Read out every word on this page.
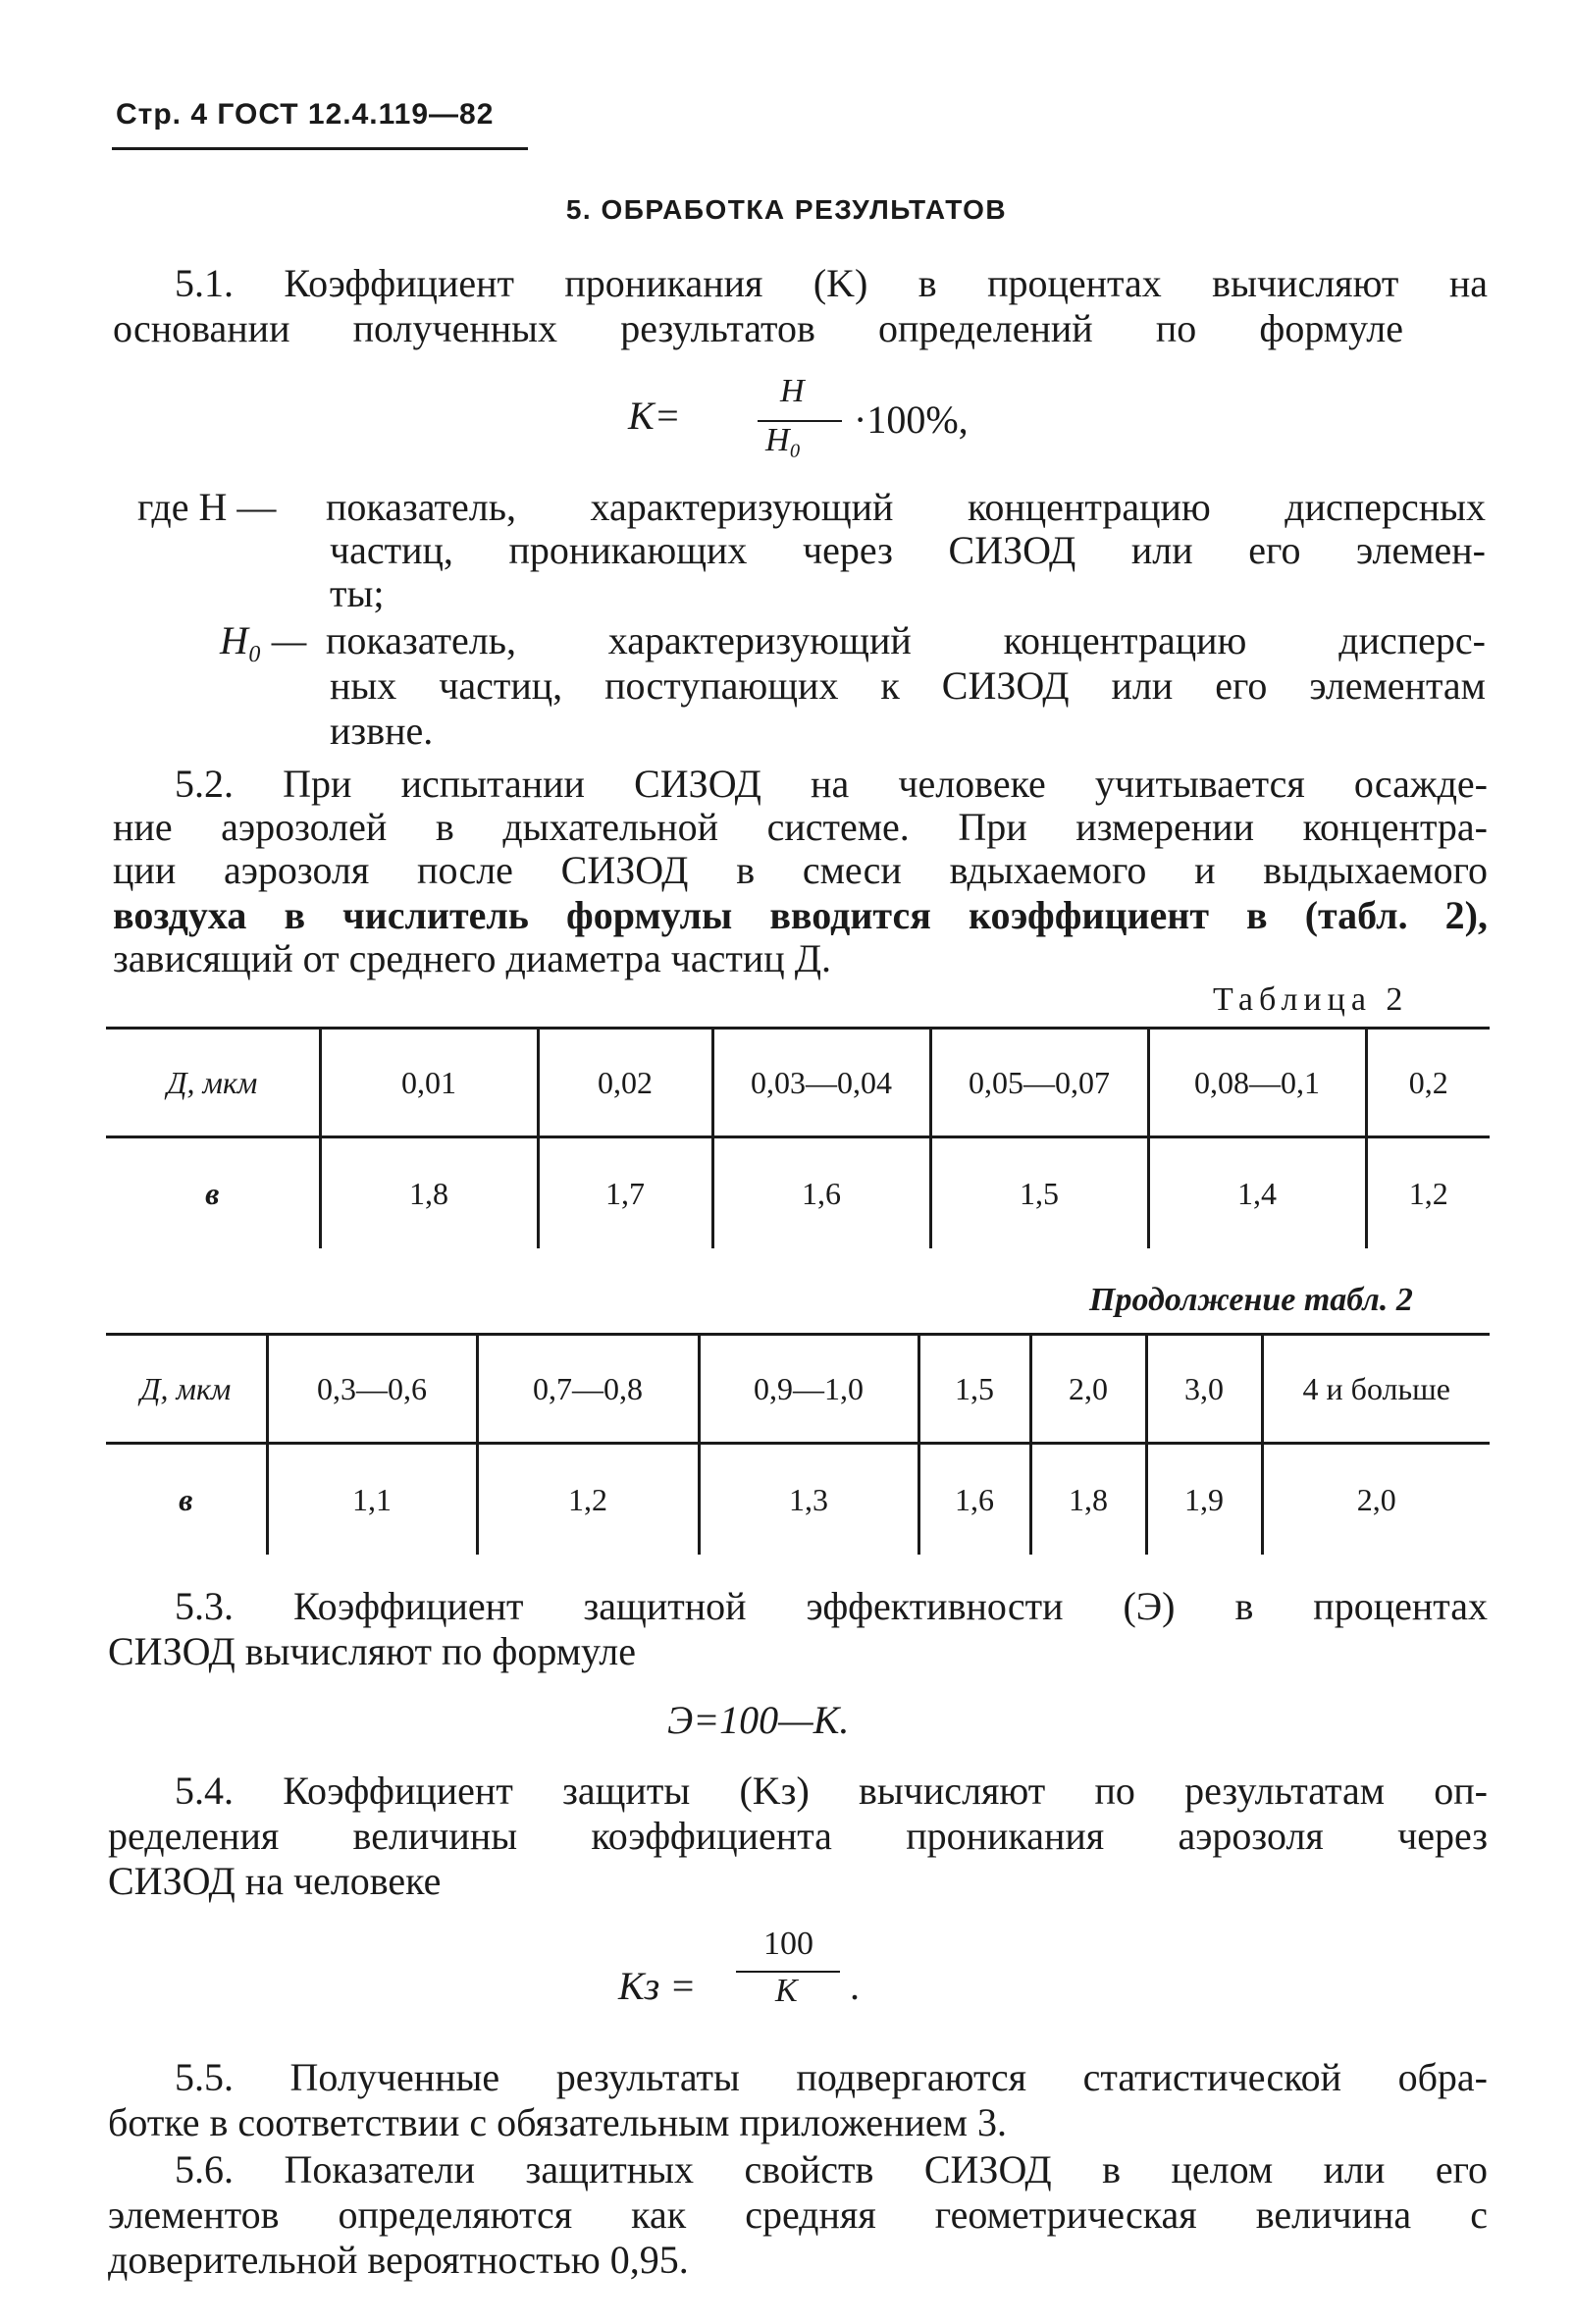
Стр. 4 ГОСТ 12.4.119—82
5. ОБРАБОТКА РЕЗУЛЬТАТОВ
5.1. Коэффициент проникания (K) в процентах вычисляют на
основании полученных результатов определений по формуле
K=
H
H₀ ·100%,
где H — показатель, характеризующий концентрацию дисперсных
частиц, проникающих через СИЗОД или его элемен-
ты;
H₀ — показатель, характеризующий концентрацию дисперс-
ных частиц, поступающих к СИЗОД или его элементам
извне.
5.2. При испытании СИЗОД на человеке учитывается осажде-
ние аэрозолей в дыхательной системе. При измерении концентра-
ции аэрозоля после СИЗОД в смеси вдыхаемого и выдыхаемого
воздуха в числитель формулы вводится коэффициент в (табл. 2),
зависящий от среднего диаметра частиц Д.
Таблица 2
Д, мкм	0,01	0,02	0,03—0,04	0,05—0,07	0,08—0,1	0,2
в	1,8	1,7	1,6	1,5	1,4	1,2
Продолжение табл. 2
Д, мкм	0,3—0,6	0,7—0,8	0,9—1,0	1,5	2,0	3,0	4 и больше
в	1,1	1,2	1,3	1,6	1,8	1,9	2,0
5.3. Коэффициент защитной эффективности (Э) в процентах
СИЗОД вычисляют по формуле
Э=100—K.
5.4. Коэффициент защиты (Kз) вычисляют по результатам оп-
ределения величины коэффициента проникания аэрозоля через
СИЗОД на человеке
Kз =
100
K .
5.5. Полученные результаты подвергаются статистической обра-
ботке в соответствии с обязательным приложением 3.
5.6. Показатели защитных свойств СИЗОД в целом или его
элементов определяются как средняя геометрическая величина с
доверительной вероятностью 0,95.
